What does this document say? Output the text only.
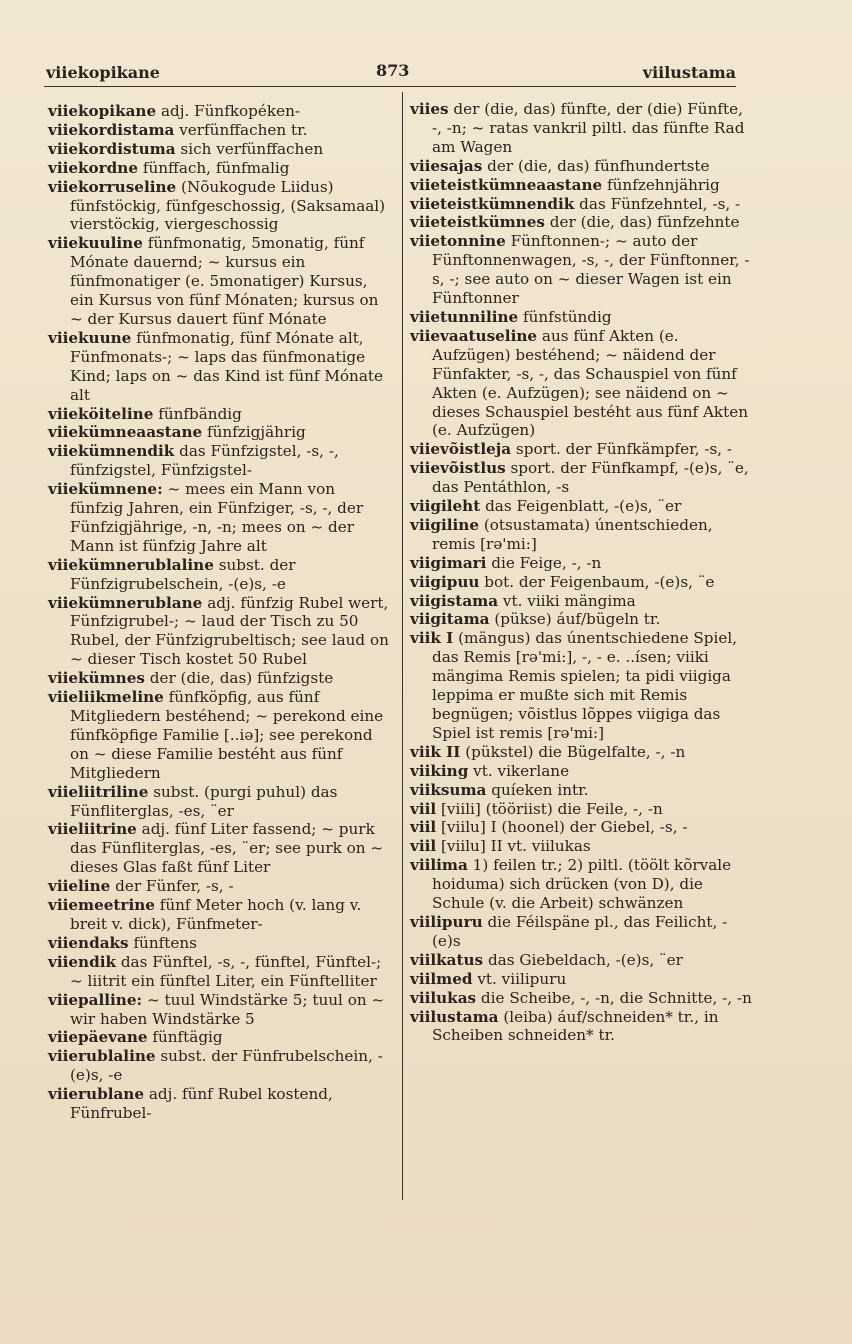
viiekopikane	873	viilustama

viiekopikane adj. Fünfkopéken-

viiekordistama verfünffachen tr.

viiekordistuma sich verfünffachen

viiekordne fünffach, fünfmalig

viiekorruseline (Nõukogude Liidus) fünfstöckig, fünfgeschossig, (Saksamaal) vierstöckig, viergeschossig

viiekuuline fünfmonatig, 5monatig, fünf Mónate dauernd; ~ kursus ein fünfmonatiger (e. 5monatiger) Kursus, ein Kursus von fünf Mónaten; kursus on ~ der Kursus dauert fünf Mónate

viiekuune fünfmonatig, fünf Mónate alt, Fünfmonats-; ~ laps das fünfmonatige Kind; laps on ~ das Kind ist fünf Mónate alt

viieköiteline fünfbändig

viiekümneaastane fünfzigjährig

viiekümnendik das Fünfzigstel, -s, -, fünfzigstel, Fünfzigstel-

viiekümnene: ~ mees ein Mann von fünfzig Jahren, ein Fünfziger, -s, -, der Fünfzigjährige, -n, -n; mees on ~ der Mann ist fünfzig Jahre alt

viiekümnerublaline subst. der Fünfzigrubelschein, -(e)s, -e

viiekümnerublane adj. fünfzig Rubel wert, Fünfzigrubel-; ~ laud der Tisch zu 50 Rubel, der Fünfzigrubeltisch; see laud on ~ dieser Tisch kostet 50 Rubel

viiekümnes der (die, das) fünfzigste

viieliikmeline fünfköpfig, aus fünf Mitgliedern bestéhend; ~ perekond eine fünfköpfige Familie [..iə]; see perekond on ~ diese Familie bestéht aus fünf Mitgliedern

viieliitriline subst. (purgi puhul) das Fünfliterglas, -es, ¨er

viieliitrine adj. fünf Liter fassend; ~ purk das Fünfliterglas, -es, ¨er; see purk on ~ dieses Glas faßt fünf Liter

viieline der Fünfer, -s, -

viiemeetrine fünf Meter hoch (v. lang v. breit v. dick), Fünfmeter-

viiendaks fünftens

viiendik das Fünftel, -s, -, fünftel, Fünftel-; ~ liitrit ein fünftel Liter, ein Fünftelliter

viiepalline: ~ tuul Windstärke 5; tuul on ~ wir haben Windstärke 5

viiepäevane fünftägig

viierublaline subst. der Fünfrubelschein, -(e)s, -e

viierublane adj. fünf Rubel kostend, Fünfrubel-

viies der (die, das) fünfte, der (die) Fünfte, -, -n; ~ ratas vankril piltl. das fünfte Rad am Wagen

viiesajas der (die, das) fünfhundertste

viieteistkümneaastane fünfzehnjährig

viieteistkümnendik das Fünfzehntel, -s, -

viieteistkümnes der (die, das) fünfzehnte

viietonnine Fünftonnen-; ~ auto der Fünftonnenwagen, -s, -, der Fünftonner, -s, -; see auto on ~ dieser Wagen ist ein Fünftonner

viietunniline fünfstündig

viievaatuseline aus fünf Akten (e. Aufzügen) bestéhend; ~ näidend der Fünfakter, -s, -, das Schauspiel von fünf Akten (e. Aufzügen); see näidend on ~ dieses Schauspiel bestéht aus fünf Akten (e. Aufzügen)

viievõistleja sport. der Fünfkämpfer, -s, -

viievõistlus sport. der Fünfkampf, -(e)s, ¨e, das Pentáthlon, -s

viigileht das Feigenblatt, -(e)s, ¨er

viigiline (otsustamata) únentschieden, remis [rə'mi:]

viigimari die Feige, -, -n

viigipuu bot. der Feigenbaum, -(e)s, ¨e

viigistama vt. viiki mängima

viigitama (pükse) áuf/bügeln tr.

viik I (mängus) das únentschiedene Spiel, das Remis [rə'mi:], -, - e. ..ísen; viiki mängima Remis spielen; ta pidi viigiga leppima er mußte sich mit Remis begnügen; võistlus lõppes viigiga das Spiel ist remis [rə'mi:]

viik II (pükstel) die Bügelfalte, -, -n

viiking vt. vikerlane

viiksuma quíeken intr.

viil [viili] (tööriist) die Feile, -, -n

viil [viilu] I (hoonel) der Giebel, -s, -

viil [viilu] II vt. viilukas

viilima 1) feilen tr.; 2) piltl. (töölt kõrvale hoiduma) sich drücken (von D), die Schule (v. die Arbeit) schwänzen

viilipuru die Féilspäne pl., das Feilicht, -(e)s

viilkatus das Giebeldach, -(e)s, ¨er

viilmed vt. viilipuru

viilukas die Scheibe, -, -n, die Schnitte, -, -n

viilustama (leiba) áuf/schneiden* tr., in Scheiben schneiden* tr.
